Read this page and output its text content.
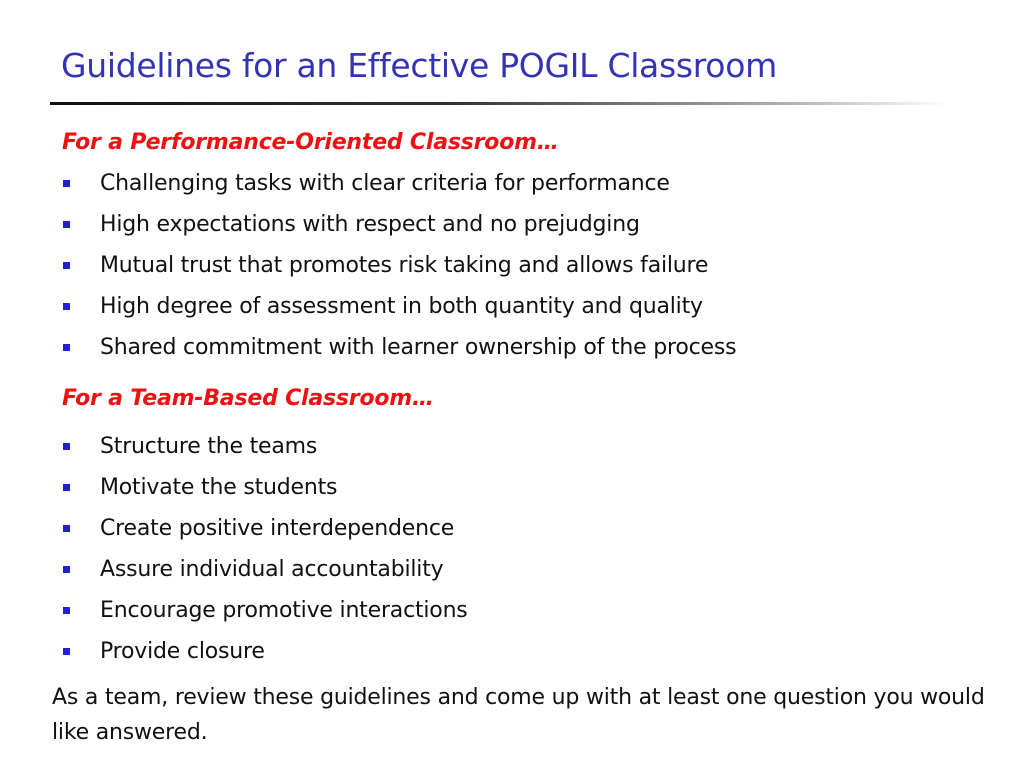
Guidelines for an Effective POGIL Classroom
For a Performance-Oriented Classroom…
Challenging tasks with clear criteria for performance
High expectations with respect and no prejudging
Mutual trust that promotes risk taking and allows failure
High degree of assessment in both quantity and quality
Shared commitment with learner ownership of the process
For a Team-Based Classroom…
Structure the teams
Motivate the students
Create positive interdependence
Assure individual accountability
Encourage promotive interactions
Provide closure

As a team, review these guidelines and come up with at least one question you would like answered.
